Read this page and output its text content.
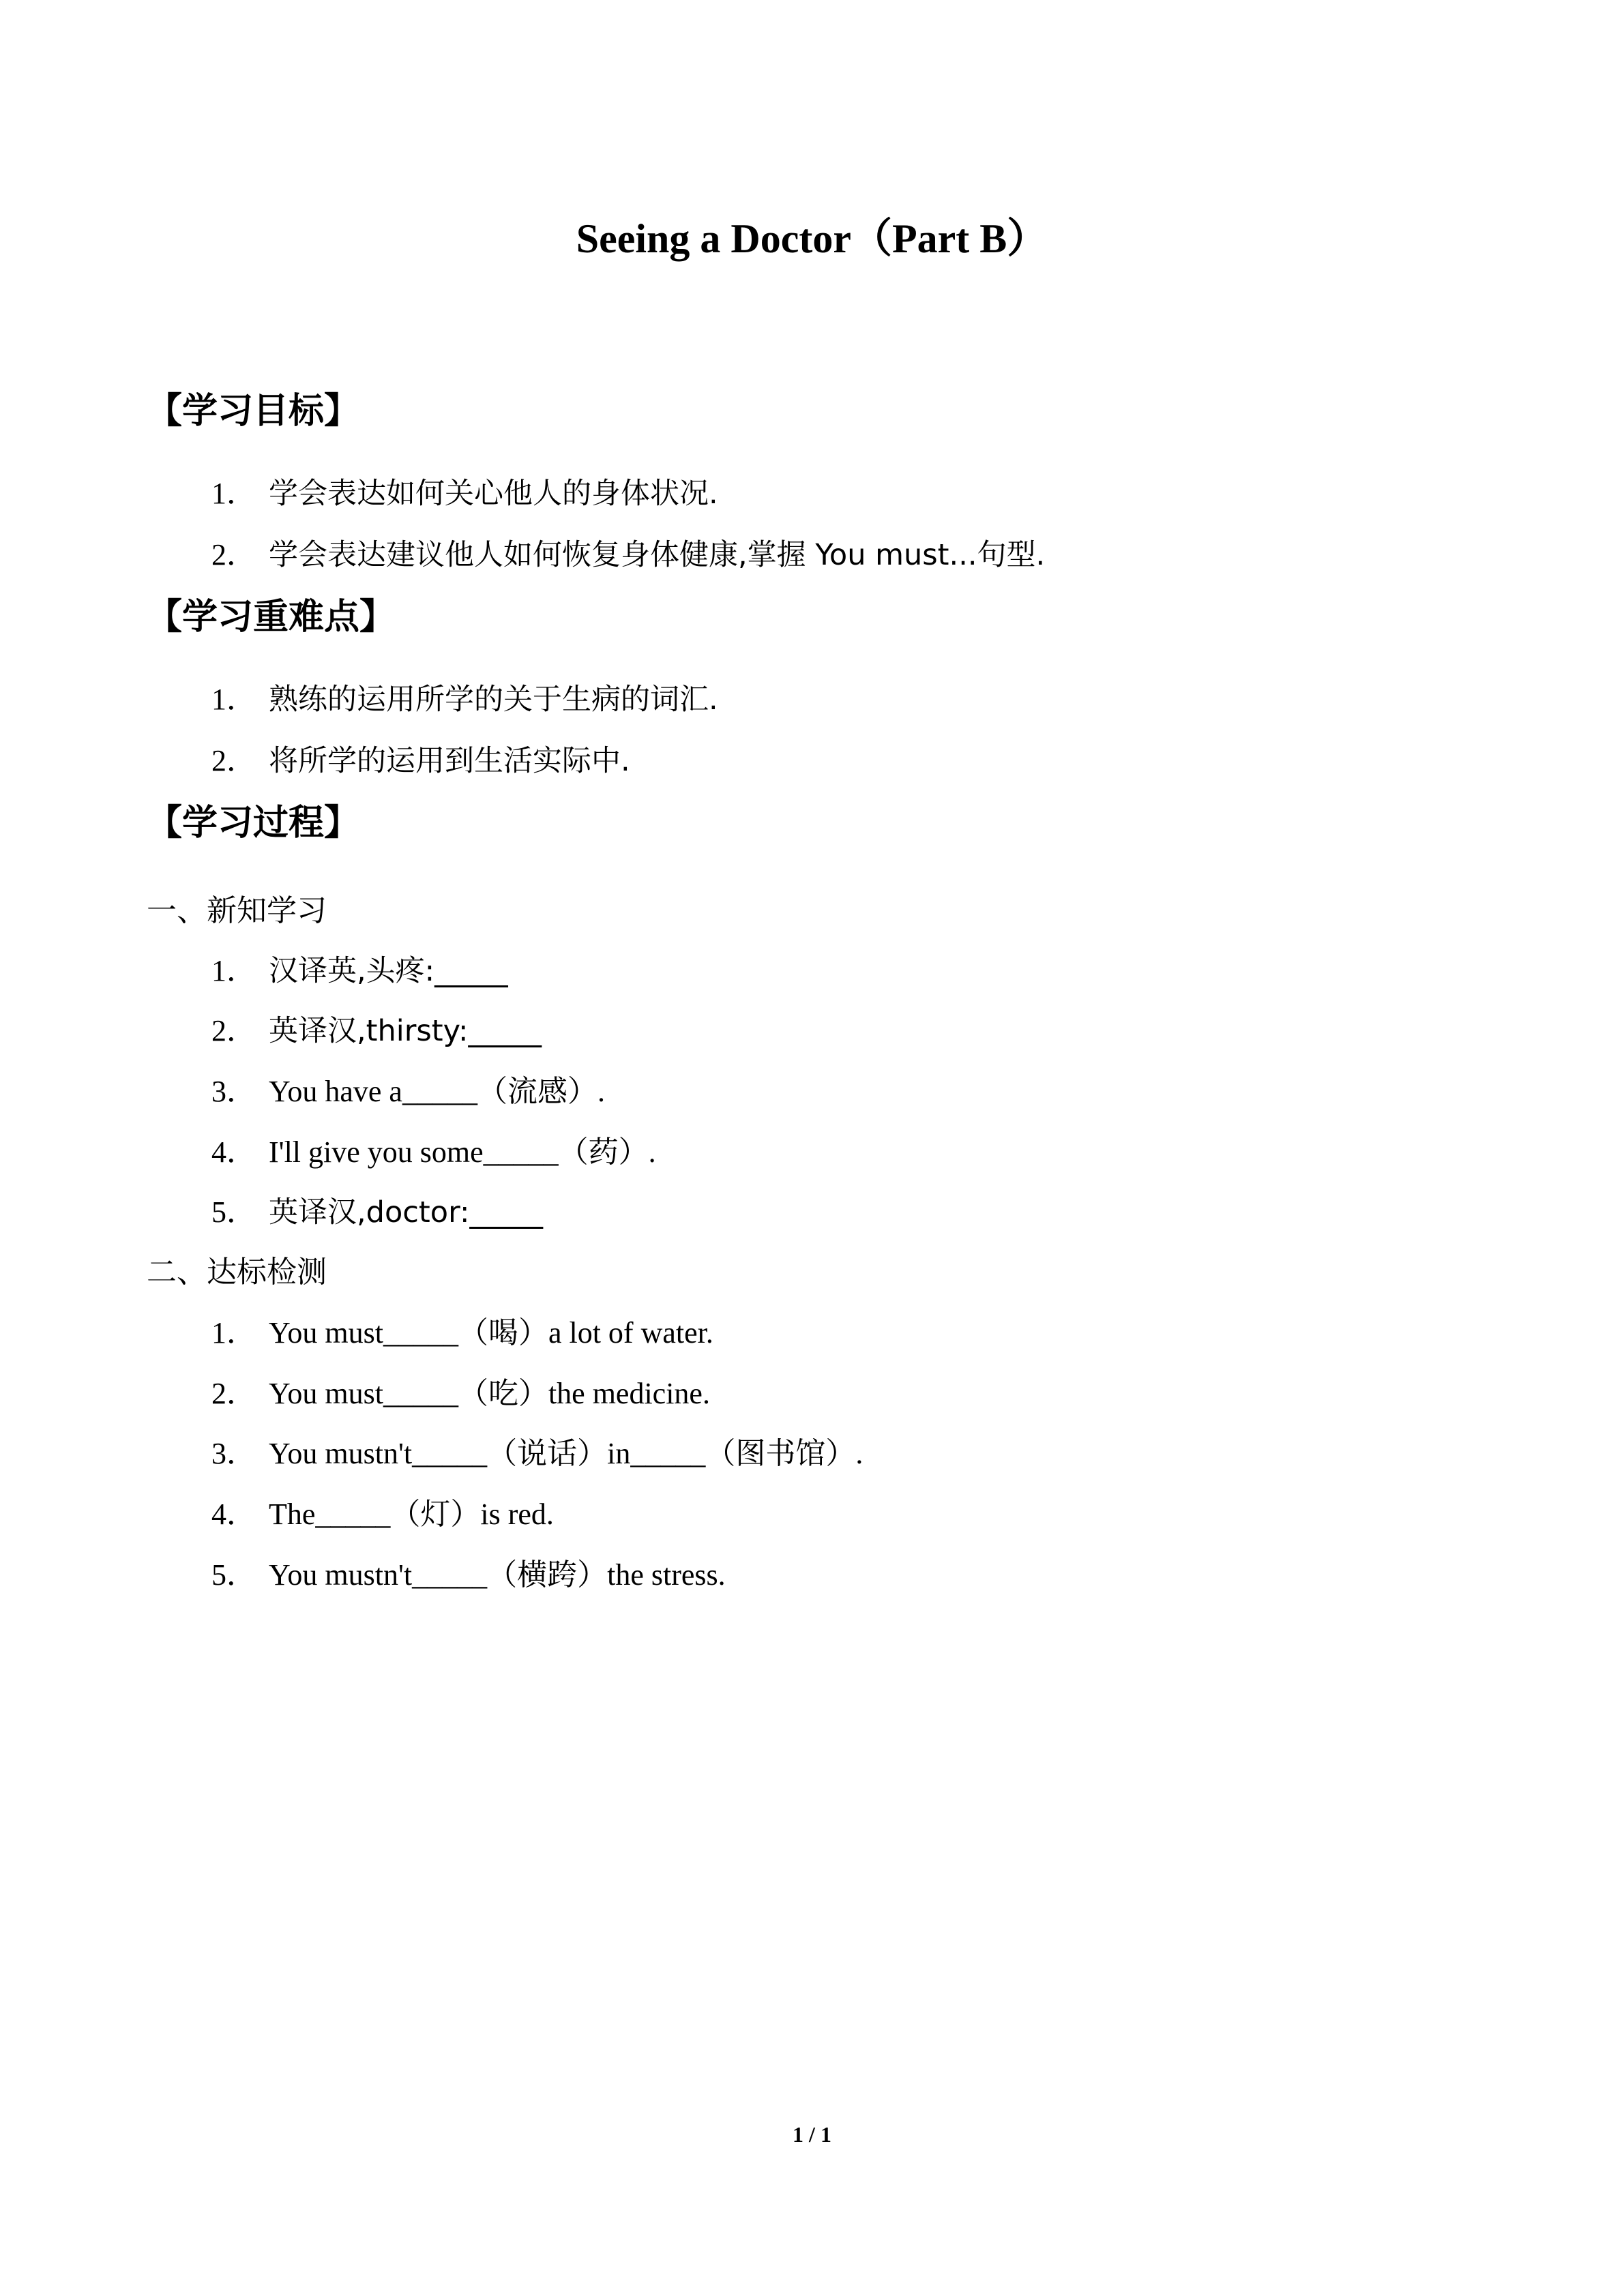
Seeing a Doctor（Part B）
【学习目标】
1． 学会表达如何关心他人的身体状况.
2． 学会表达建议他人如何恢复身体健康,掌握 You must...句型.
【学习重难点】
1． 熟练的运用所学的关于生病的词汇.
2． 将所学的运用到生活实际中.
【学习过程】
一、新知学习
1． 汉译英,头疼:_____
2． 英译汉,thirsty:_____
3． You have a_____（流感）.
4． I'll give you some_____（药）.
5． 英译汉,doctor:_____
二、达标检测
1． You must_____（喝）a lot of water.
2． You must_____（吃）the medicine.
3． You mustn't_____（说话）in_____（图书馆）.
4． The_____（灯）is red.
5． You mustn't_____（横跨）the stress.
1 / 1
